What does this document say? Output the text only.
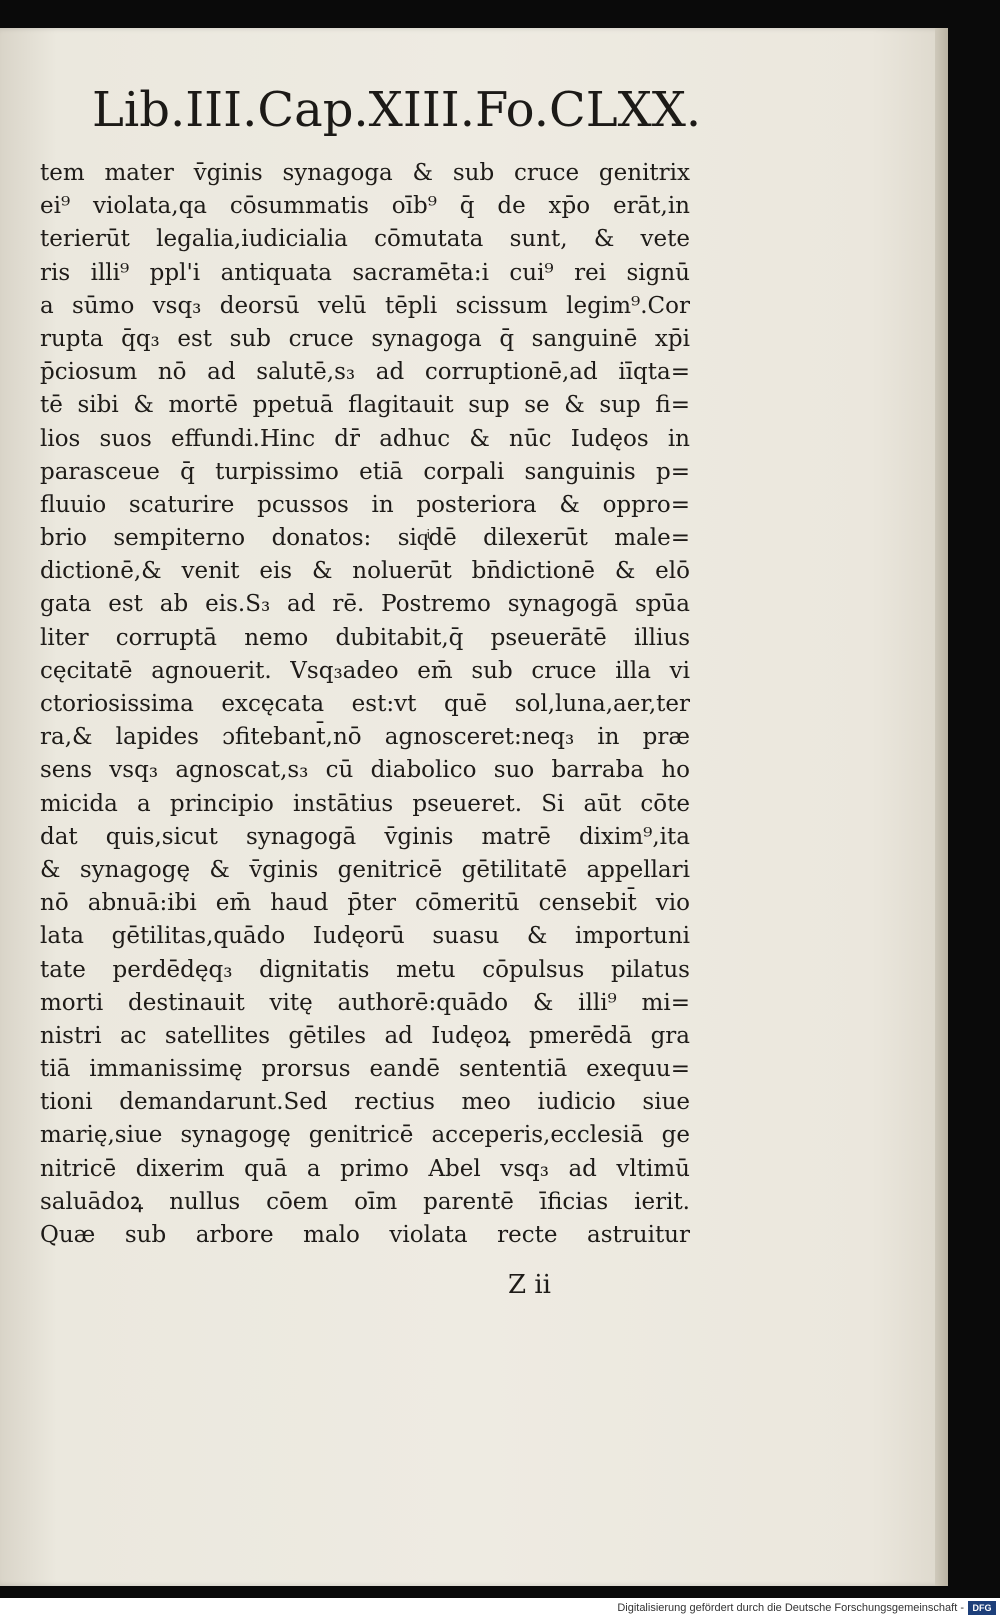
Lib.III.Cap.XIII.Fo.CLXX.
tem mater v̄ginis synagoga & sub cruce genitrix
ei⁹ violata,qa cōsummatis oīb⁹ q̄ de xp̄o erāt,in
terierūt legalia,iudicialia cōmutata sunt, & vete
ris illi⁹ ppl'i antiquata sacramēta:i cui⁹ rei signū
a sūmo vsq₃ deorsū velū tēpli scissum legim⁹.Cor
rupta q̄q₃ est sub cruce synagoga q̄ sanguinē xp̄i
p̄ciosum nō ad salutē,s₃ ad corruptionē,ad iīqta=
tē sibi & mortē ppetuā flagitauit sup se & sup fi=
lios suos effundi.Hinc dr̄ adhuc & nūc Iudęos in
parasceue q̄ turpissimo etiā corpali sanguinis p=
fluuio scaturire pcussos in posteriora & oppro=
brio sempiterno donatos: siqͥdē dilexerūt male=
dictionē,& venit eis & noluerūt bn̄dictionē & elō
gata est ab eis.S₃ ad rē. Postremo synagogā spūa
liter corruptā nemo dubitabit,q̄ pseuerātē illius
cęcitatē agnouerit. Vsq₃adeo em̄ sub cruce illa vi
ctoriosissima excęcata est:vt quē sol,luna,aer,ter
ra,& lapides ɔfitebant̄,nō agnosceret:neq₃ in præ
sens vsq₃ agnoscat,s₃ cū diabolico suo barraba ho
micida a principio instātius pseueret. Si aūt cōte
dat quis,sicut synagogā v̄ginis matrē dixim⁹,ita
& synagogę & v̄ginis genitricē gētilitatē appellari
nō abnuā:ibi em̄ haud p̄ter cōmeritū censebit̄ vio
lata gētilitas,quādo Iudęorū suasu & importuni
tate perdēdęq₃ dignitatis metu cōpulsus pilatus
morti destinauit vitę authorē:quādo & illi⁹ mi=
nistri ac satellites gētiles ad Iudęoꝝ pmerēdā gra
tiā immanissimę prorsus eandē sententiā exequu=
tioni demandarunt.Sed rectius meo iudicio siue
marię,siue synagogę genitricē acceperis,ecclesiā ge
nitricē dixerim quā a primo Abel vsq₃ ad vltimū
saluādoꝝ nullus cōem oīm parentē īficias ierit.
Quæ sub arbore malo violata recte astruitur
Z ii
Digitalisierung gefördert durch die Deutsche Forschungsgemeinschaft - DFG
